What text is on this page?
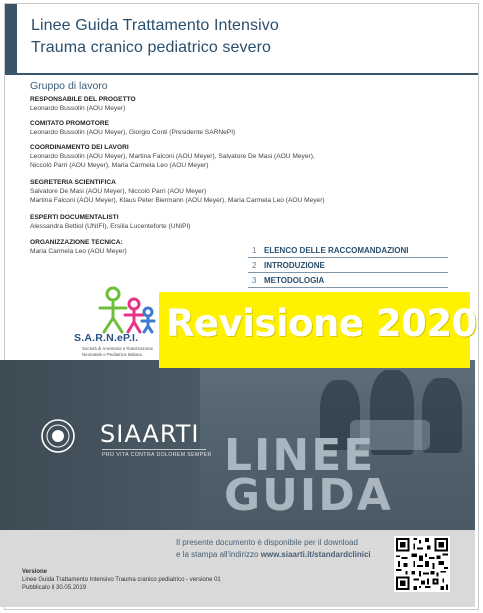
Linee Guida Trattamento Intensivo
Trauma cranico pediatrico severo
Gruppo di lavoro
RESPONSABILE DEL PROGETTO
Leonardo Bussolin (AOU Meyer)
COMITATO PROMOTORE
Leonardo Bussolin (AOU Meyer), Giorgio Conti (Presidente SARNePI)
COORDINAMENTO DEI LAVORI
Leonardo Bussolin (AOU Meyer), Martina Falconi (AOU Meyer), Salvatore De Masi (AOU Meyer),
Niccolò Parri (AOU Meyer), Maria Carmela Leo (AOU Meyer)
SEGRETERIA SCIENTIFICA
Salvatore De Masi (AOU Meyer), Niccolò Parri (AOU Meyer)
Martina Falconi (AOU Meyer), Klaus Peter Biermann (AOU Meyer), Maria Carmela Leo (AOU Meyer)
ESPERTI DOCUMENTALISTI
Alessandra Bettiol (UNIFI), Ersilia Lucenteforte (UNIPI)
ORGANIZZAZIONE TECNICA:
Maria Carmela Leo (AOU Meyer)	1 ELENCO DELLE RACCOMANDAZIONI
2 INTRODUZIONE
3 METODOLOGIA
S.A.R.N.eP.I.
Società di Anestesia e Rianimazione
Neonatale e Pediatrica Italiana
Revisione 2020
SIAARTI
PRO VITA CONTRA DOLOREM SEMPER LINEE
GUIDA
Il presente documento è disponibile per il download
e la stampa all'indirizzo www.siaarti.it/standardclinici
Versione
Linee Guida Trattamento Intensivo Trauma cranico pediatrico - versione 01
Pubblicato il 30.05.2019
